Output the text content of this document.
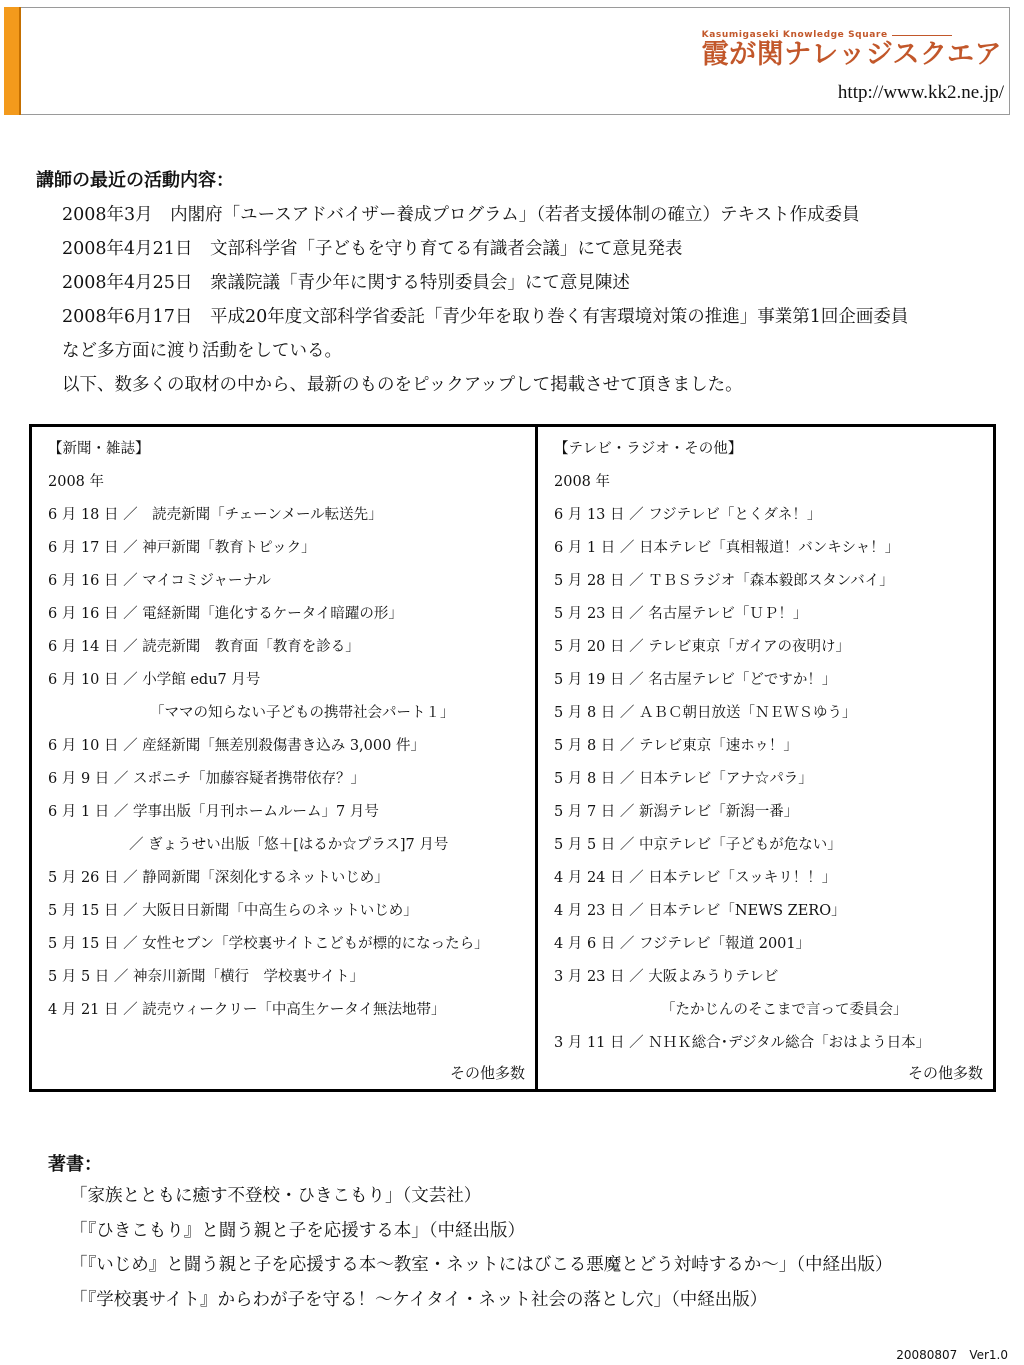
Kasumigaseki Knowledge Square
霞が関ナレッジスクエア
http://www.kk2.ne.jp/
講師の最近の活動内容：
2008年3月　内閣府「ユースアドバイザー養成プログラム」（若者支援体制の確立）テキスト作成委員
2008年4月21日　文部科学省「子どもを守り育てる有識者会議」にて意見発表
2008年4月25日　衆議院議「青少年に関する特別委員会」にて意見陳述
2008年6月17日　平成20年度文部科学省委託「青少年を取り巻く有害環境対策の推進」事業第1回企画委員
など多方面に渡り活動をしている。
以下、数多くの取材の中から、最新のものをピックアップして掲載させて頂きました。
【新聞・雑誌】
2008 年
6 月 18 日 ／　読売新聞「チェーンメール転送先」
6 月 17 日 ／ 神戸新聞「教育トピック」
6 月 16 日 ／ マイコミジャーナル
6 月 16 日 ／ 電経新聞「進化するケータイ暗躍の形」
6 月 14 日 ／ 読売新聞　教育面「教育を診る」
6 月 10 日 ／ 小学館 edu7 月号
「ママの知らない子どもの携帯社会パート１」
6 月 10 日 ／ 産経新聞「無差別殺傷書き込み 3,000 件」
6 月 9 日 ／ スポニチ「加藤容疑者携帯依存？」
6 月 1 日 ／ 学事出版「月刊ホームルーム」7 月号
／ ぎょうせい出版「悠＋[はるか☆プラス]7 月号
5 月 26 日 ／ 静岡新聞「深刻化するネットいじめ」
5 月 15 日 ／ 大阪日日新聞「中高生らのネットいじめ」
5 月 15 日 ／ 女性セブン「学校裏サイトこどもが標的になったら」
5 月 5 日 ／ 神奈川新聞「横行　学校裏サイト」
4 月 21 日 ／ 読売ウィークリー「中高生ケータイ無法地帯」
その他多数
【テレビ・ラジオ・その他】
2008 年
6 月 13 日 ／ フジテレビ「とくダネ！」
6 月 1 日 ／ 日本テレビ「真相報道！バンキシャ！」
5 月 28 日 ／ ＴＢＳラジオ「森本毅郎スタンバイ」
5 月 23 日 ／ 名古屋テレビ「ＵＰ！」
5 月 20 日 ／ テレビ東京「ガイアの夜明け」
5 月 19 日 ／ 名古屋テレビ「どですか！」
5 月 8 日 ／ ＡＢＣ朝日放送「ＮＥＷＳゆう」
5 月 8 日 ／ テレビ東京「速ホゥ！」
5 月 8 日 ／ 日本テレビ「アナ☆パラ」
5 月 7 日 ／ 新潟テレビ「新潟一番」
5 月 5 日 ／ 中京テレビ「子どもが危ない」
4 月 24 日 ／ 日本テレビ「スッキリ！！」
4 月 23 日 ／ 日本テレビ「NEWS ZERO」
4 月 6 日 ／ フジテレビ「報道 2001」
3 月 23 日 ／ 大阪よみうりテレビ
「たかじんのそこまで言って委員会」
3 月 11 日 ／ ＮＨＫ総合･デジタル総合「おはよう日本」
その他多数
著書：
「家族とともに癒す不登校・ひきこもり」（文芸社）
「『ひきこもり』と闘う親と子を応援する本」（中経出版）
「『いじめ』と闘う親と子を応援する本～教室・ネットにはびこる悪魔とどう対峙するか～」（中経出版）
「『学校裏サイト』からわが子を守る！～ケイタイ・ネット社会の落とし穴」（中経出版）
20080807　Ver1.0
